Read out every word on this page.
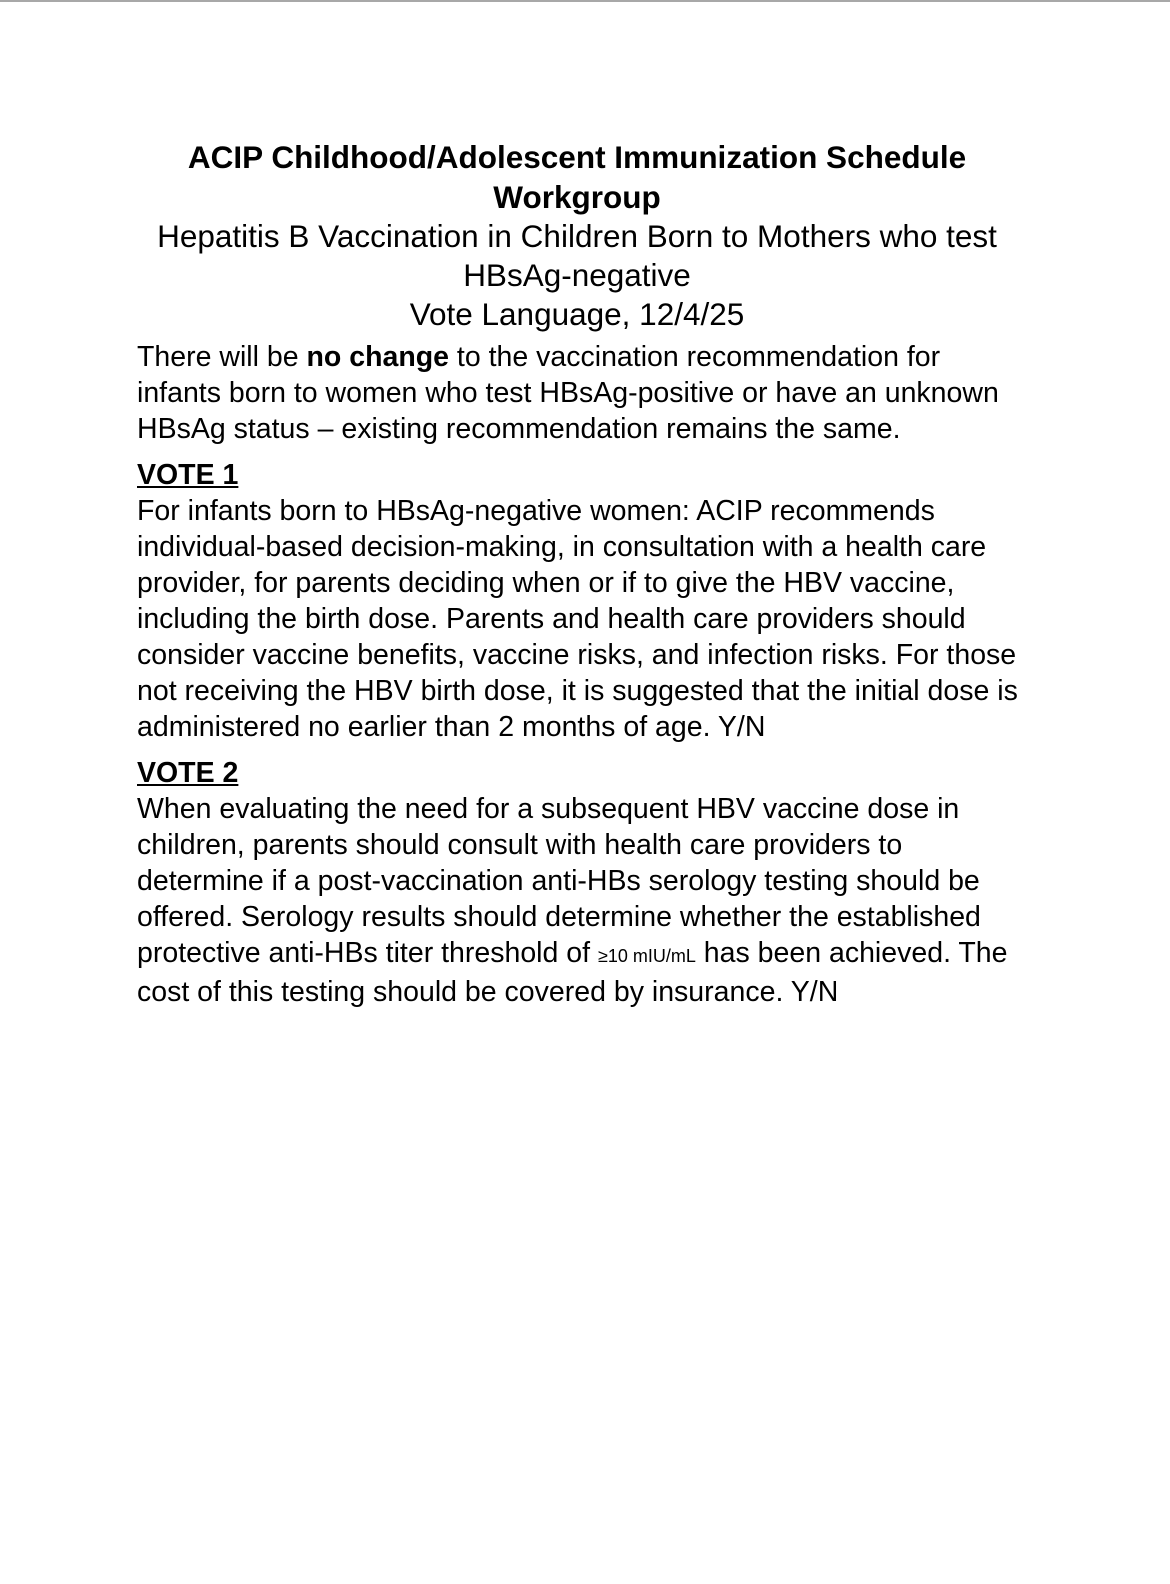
ACIP Childhood/Adolescent Immunization Schedule Workgroup

Hepatitis B Vaccination in Children Born to Mothers who test HBsAg-negative

Vote Language, 12/4/25

There will be no change to the vaccination recommendation for infants born to women who test HBsAg-positive or have an unknown HBsAg status – existing recommendation remains the same.

VOTE 1

For infants born to HBsAg-negative women: ACIP recommends individual-based decision-making, in consultation with a health care provider, for parents deciding when or if to give the HBV vaccine, including the birth dose. Parents and health care providers should consider vaccine benefits, vaccine risks, and infection risks. For those not receiving the HBV birth dose, it is suggested that the initial dose is administered no earlier than 2 months of age. Y/N

VOTE 2

When evaluating the need for a subsequent HBV vaccine dose in children, parents should consult with health care providers to determine if a post-vaccination anti-HBs serology testing should be offered. Serology results should determine whether the established protective anti-HBs titer threshold of ≥10 mIU/mL has been achieved. The cost of this testing should be covered by insurance. Y/N
